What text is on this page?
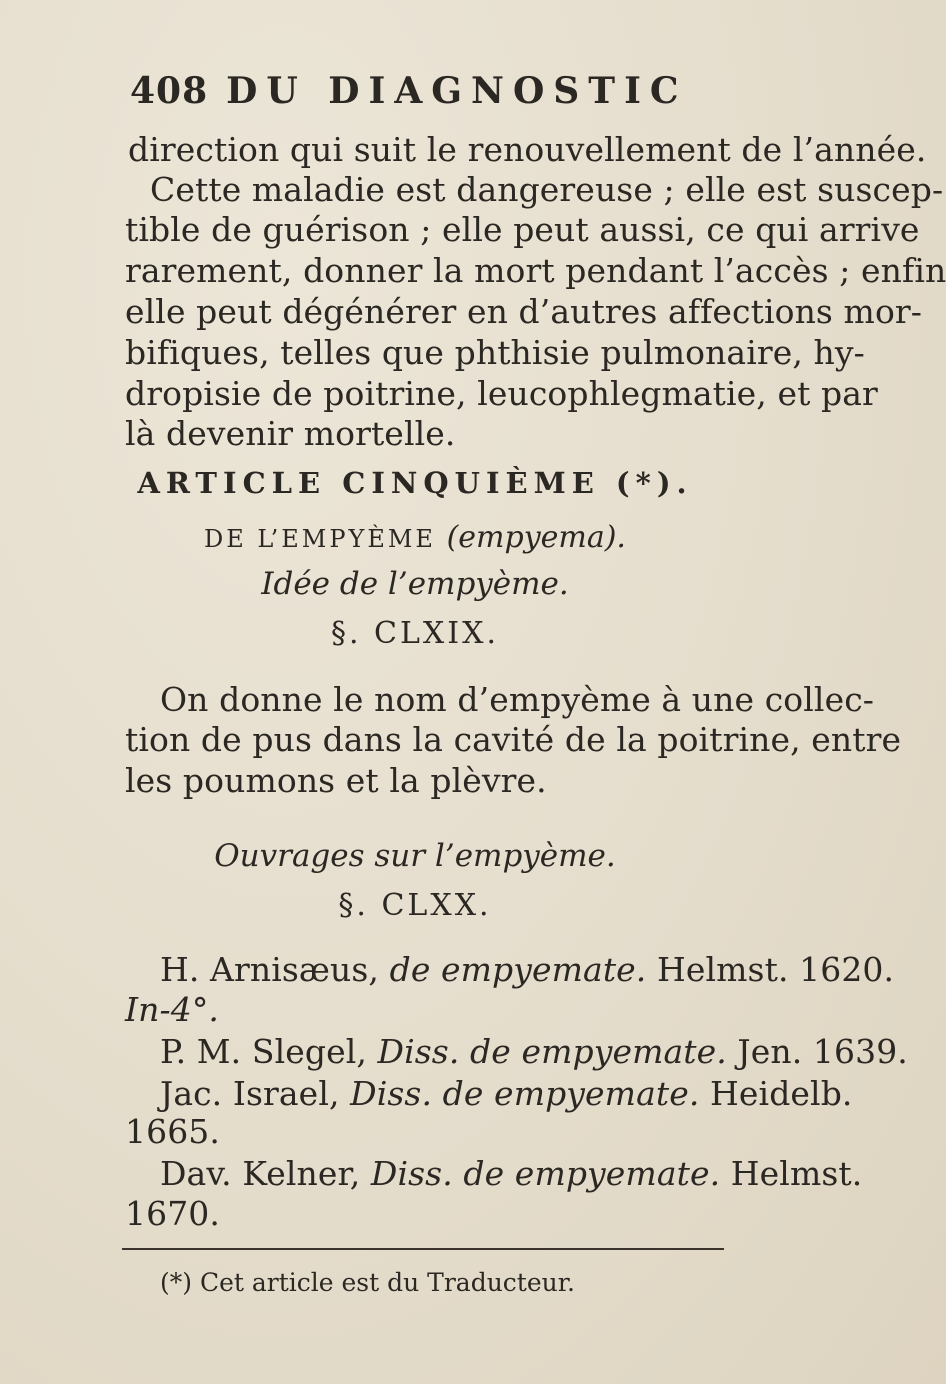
408 DU DIAGNOSTIC
direction qui suit le renouvellement de l’année.
Cette maladie est dangereuse ; elle est suscep-
tible de guérison ; elle peut aussi, ce qui arrive
rarement, donner la mort pendant l’accès ; enfin
elle peut dégénérer en d’autres affections mor-
bifiques, telles que phthisie pulmonaire, hy-
dropisie de poitrine, leucophlegmatie, et par
là devenir mortelle.
ARTICLE CINQUIÈME (*).
DE L’EMPYÈME (empyema).
Idée de l’empyème.
§. CLXIX.
On donne le nom d’empyème à une collec-
tion de pus dans la cavité de la poitrine, entre
les poumons et la plèvre.
Ouvrages sur l’empyème.
§. CLXX.
H. Arnisæus, de empyemate. Helmst. 1620.
In-4°.
P. M. Slegel, Diss. de empyemate. Jen. 1639.
Jac. Israel, Diss. de empyemate. Heidelb.
1665.
(*) Cet article est du Traducteur.
Dav. Kelner, Diss. de empyemate. Helmst.
1670.
